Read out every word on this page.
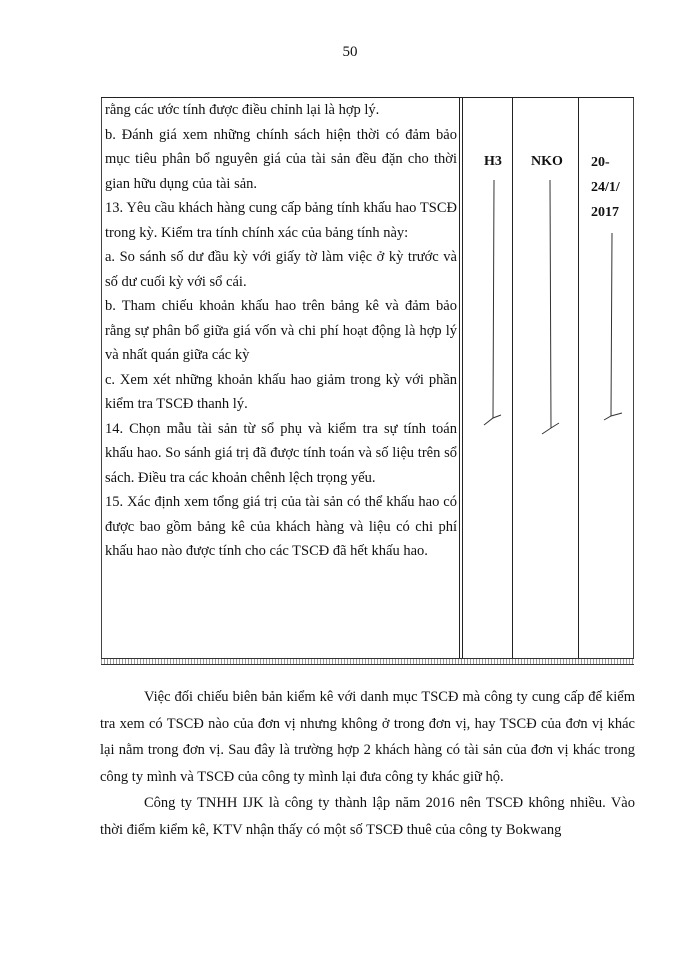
50

rằng các ước tính được điều chỉnh lại là hợp lý.

b. Đánh giá xem những chính sách hiện thời có đảm bảo mục tiêu phân bổ nguyên giá của tài sản đều đặn cho thời gian hữu dụng của tài sản.

13. Yêu cầu khách hàng cung cấp bảng tính khấu hao TSCĐ trong kỳ. Kiểm tra tính chính xác của bảng tính này:

a. So sánh số dư đầu kỳ với giấy tờ làm việc ở kỳ trước và số dư cuối kỳ với sổ cái.

b. Tham chiếu khoản khấu hao trên bảng kê và đảm bảo rằng sự phân bổ giữa giá vốn và chi phí hoạt động là hợp lý và nhất quán giữa các kỳ

c. Xem xét những khoản khấu hao giảm trong kỳ với phần kiểm tra TSCĐ thanh lý.

14. Chọn mẫu tài sản từ sổ phụ và kiểm tra sự tính toán khấu hao. So sánh giá trị đã được tính toán và số liệu trên sổ sách. Điều tra các khoản chênh lệch trọng yếu.

15. Xác định xem tổng giá trị của tài sản có thể khấu hao có được bao gồm bảng kê của khách hàng và liệu có chi phí khấu hao nào được tính cho các TSCĐ đã hết khấu hao.

H3 NKO 20-
24/1/
2017

Việc đối chiếu biên bản kiểm kê với danh mục TSCĐ mà công ty cung cấp để kiểm tra xem có TSCĐ nào của đơn vị nhưng không ở trong đơn vị, hay TSCĐ của đơn vị khác lại nằm trong đơn vị. Sau đây là trường hợp 2 khách hàng có tài sản của đơn vị khác trong công ty mình và TSCĐ của công ty mình lại đưa công ty khác giữ hộ.

Công ty TNHH IJK là công ty thành lập năm 2016 nên TSCĐ không nhiều. Vào thời điểm kiểm kê, KTV nhận thấy có một số TSCĐ thuê của công ty Bokwang
